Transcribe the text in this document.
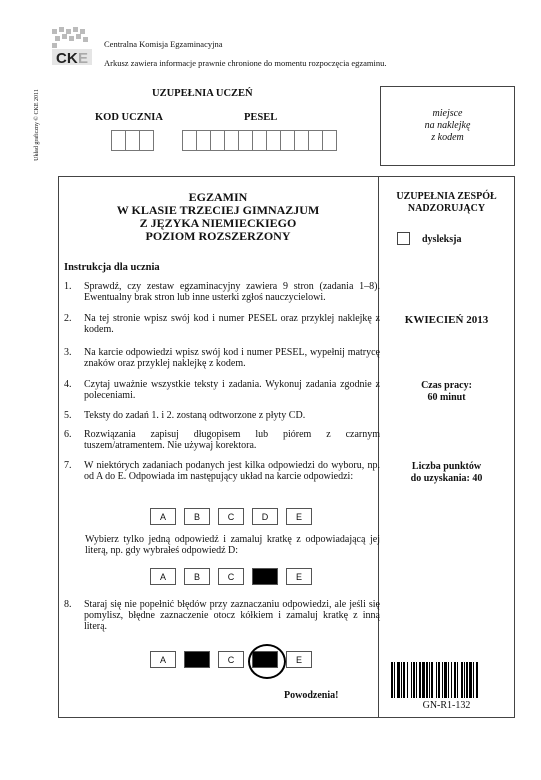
CK E
Centralna Komisja Egzaminacyjna
Arkusz zawiera informacje prawnie chronione do momentu rozpoczęcia egzaminu.
Układ graficzny © CKE 2011	UZUPEŁNIA UCZEŃ
KOD UCZNIA	PESEL	miejsce
na naklejkę
z kodem
EGZAMIN
W KLASIE TRZECIEJ GIMNAZJUM
Z JĘZYKA NIEMIECKIEGO
POZIOM ROZSZERZONY
Instrukcja dla ucznia
1. Sprawdź, czy zestaw egzaminacyjny zawiera 9 stron (zadania 1–8). Ewentualny brak stron lub inne usterki zgłoś nauczycielowi.
2. Na tej stronie wpisz swój kod i numer PESEL oraz przyklej naklejkę z kodem.
3. Na karcie odpowiedzi wpisz swój kod i numer PESEL, wypełnij matrycę znaków oraz przyklej naklejkę z kodem.
4. Czytaj uważnie wszystkie teksty i zadania. Wykonuj zadania zgodnie z poleceniami.
5. Teksty do zadań 1. i 2. zostaną odtworzone z płyty CD.
6. Rozwiązania zapisuj długopisem lub piórem z czarnym tuszem/atramentem. Nie używaj korektora.
7. W niektórych zadaniach podanych jest kilka odpowiedzi do wyboru, np. od A do E. Odpowiada im następujący układ na karcie odpowiedzi:
A	B	C	D	E
Wybierz tylko jedną odpowiedź i zamaluj kratkę z odpowiadającą jej literą, np. gdy wybrałeś odpowiedź D:
A	B	C	E
8. Staraj się nie popełnić błędów przy zaznaczaniu odpowiedzi, ale jeśli się pomylisz, błędne zaznaczenie otocz kółkiem i zamaluj kratkę z inną literą.
A	C	E
Powodzenia!
UZUPEŁNIA ZESPÓŁ NADZORUJĄCY
dysleksja
KWIECIEŃ 2013
Czas pracy:
60 minut
Liczba punktów
do uzyskania: 40
GN-R1-132
